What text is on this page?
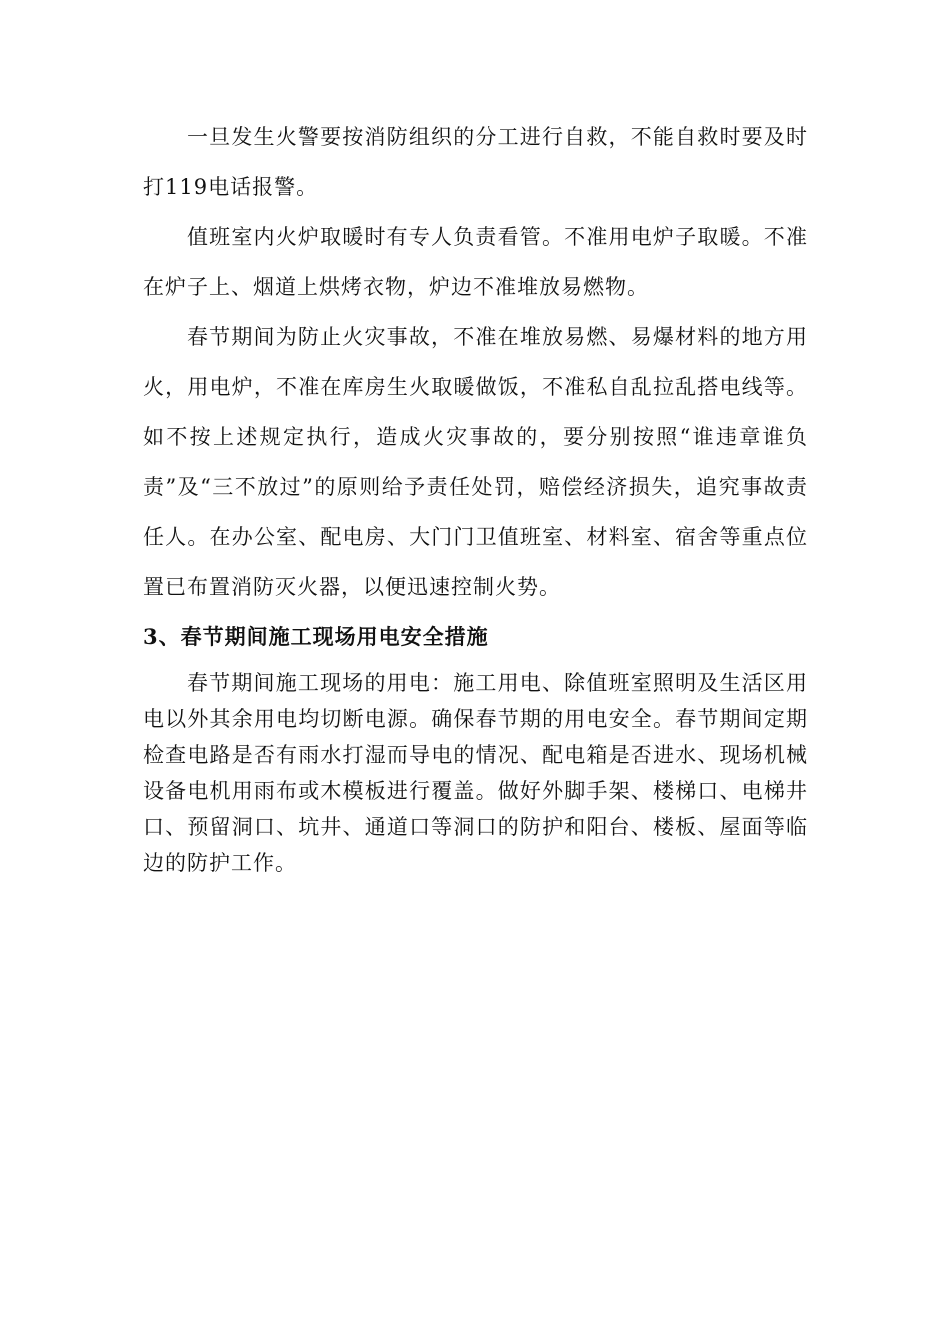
一旦发生火警要按消防组织的分工进行自救，不能自救时要及时打119电话报警。

值班室内火炉取暖时有专人负责看管。不准用电炉子取暖。不准在炉子上、烟道上烘烤衣物，炉边不准堆放易燃物。

春节期间为防止火灾事故，不准在堆放易燃、易爆材料的地方用火，用电炉，不准在库房生火取暖做饭，不准私自乱拉乱搭电线等。如不按上述规定执行，造成火灾事故的，要分别按照“谁违章谁负责”及“三不放过”的原则给予责任处罚，赔偿经济损失，追究事故责任人。在办公室、配电房、大门门卫值班室、材料室、宿舍等重点位置已布置消防灭火器，以便迅速控制火势。

3、春节期间施工现场用电安全措施

春节期间施工现场的用电：施工用电、除值班室照明及生活区用电以外其余用电均切断电源。确保春节期的用电安全。春节期间定期检查电路是否有雨水打湿而导电的情况、配电箱是否进水、现场机械设备电机用雨布或木模板进行覆盖。做好外脚手架、楼梯口、电梯井口、预留洞口、坑井、通道口等洞口的防护和阳台、楼板、屋面等临边的防护工作。
